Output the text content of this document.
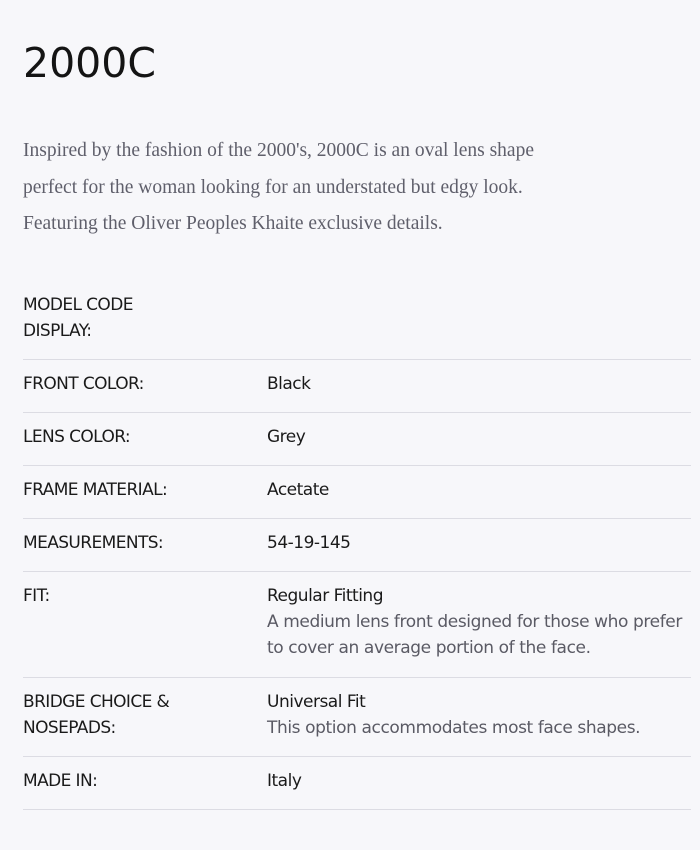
2000C
Inspired by the fashion of the 2000's, 2000C is an oval lens shape
perfect for the woman looking for an understated but edgy look.
Featuring the Oliver Peoples Khaite exclusive details.
MODEL CODE
DISPLAY:
FRONT COLOR:	Black
LENS COLOR:	Grey
FRAME MATERIAL:	Acetate
MEASUREMENTS:	54-19-145
FIT:	Regular Fitting
A medium lens front designed for those who prefer
to cover an average portion of the face.
BRIDGE CHOICE &
NOSEPADS:
Universal Fit
This option accommodates most face shapes.
MADE IN:	Italy
